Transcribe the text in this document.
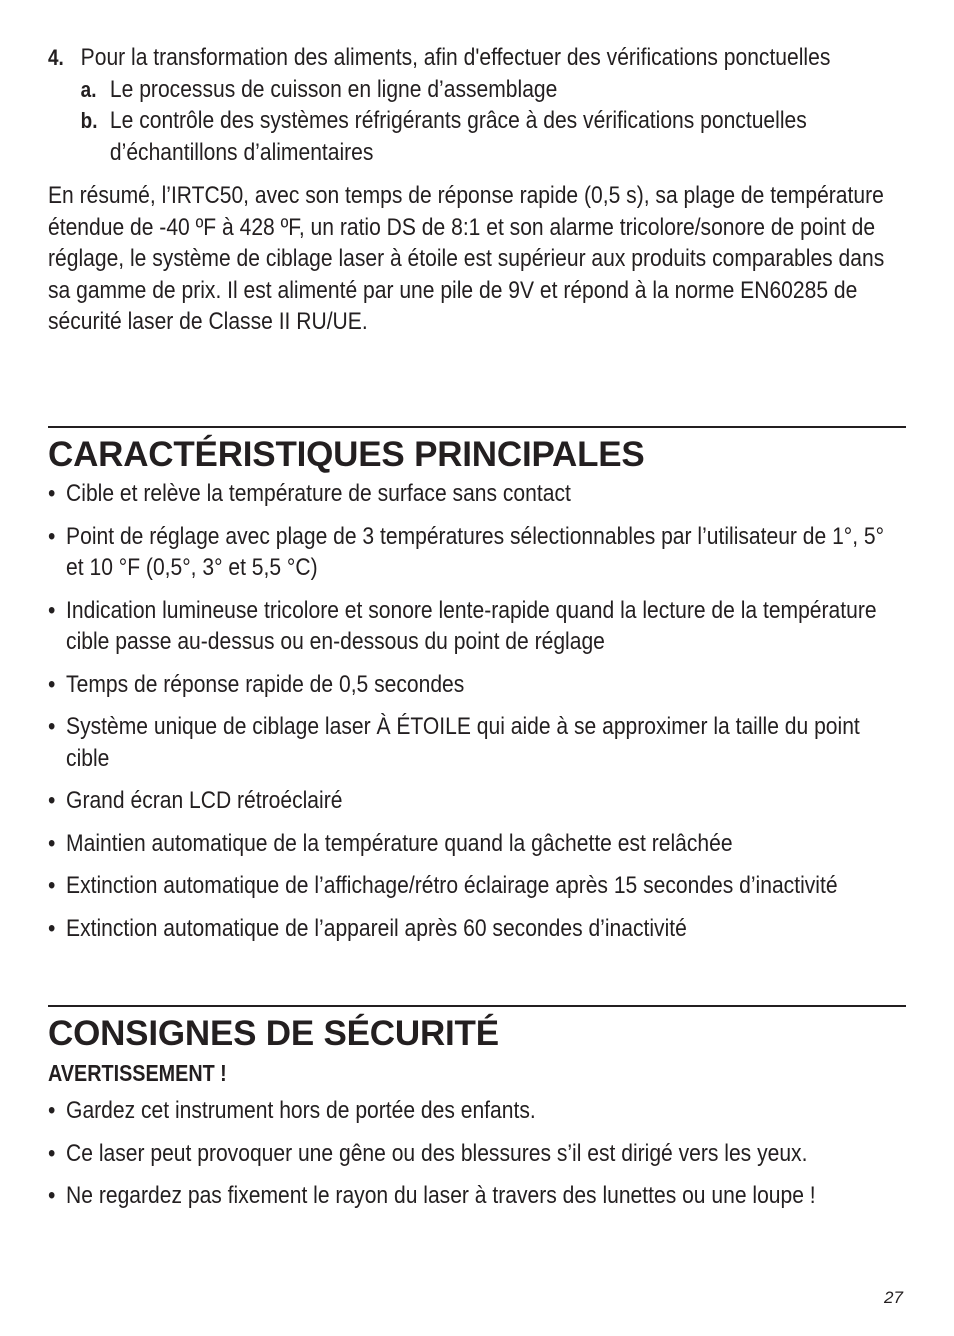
4. Pour la transformation des aliments, afin d'effectuer des vérifications ponctuelles
a. Le processus de cuisson en ligne d’assemblage
b. Le contrôle des systèmes réfrigérants grâce à des vérifications ponctuelles d’échantillons d’alimentaires

En résumé, l’IRTC50, avec son temps de réponse rapide (0,5 s), sa plage de température étendue de -40 ºF à 428 ºF, un ratio DS de 8:1 et son alarme tricolore/sonore de point de réglage, le système de ciblage laser à étoile est supérieur aux produits comparables dans sa gamme de prix. Il est alimenté par une pile de 9V et répond à la norme EN60285 de sécurité laser de Classe II RU/UE.

CARACTÉRISTIQUES PRINCIPALES
• Cible et relève la température de surface sans contact
• Point de réglage avec plage de 3 températures sélectionnables par l’utilisateur de 1°, 5° et 10 °F (0,5°, 3° et 5,5 °C)
• Indication lumineuse tricolore et sonore lente-rapide quand la lecture de la température cible passe au-dessus ou en-dessous du point de réglage
• Temps de réponse rapide de 0,5 secondes
• Système unique de ciblage laser À ÉTOILE qui aide à se approximer la taille du point cible
• Grand écran LCD rétroéclairé
• Maintien automatique de la température quand la gâchette est relâchée
• Extinction automatique de l’affichage/rétro éclairage après 15 secondes d’inactivité
• Extinction automatique de l’appareil après 60 secondes d’inactivité
CONSIGNES DE SÉCURITÉ
AVERTISSEMENT !
• Gardez cet instrument hors de portée des enfants.
• Ce laser peut provoquer une gêne ou des blessures s’il est dirigé vers les yeux.
• Ne regardez pas fixement le rayon du laser à travers des lunettes ou une loupe !
27
